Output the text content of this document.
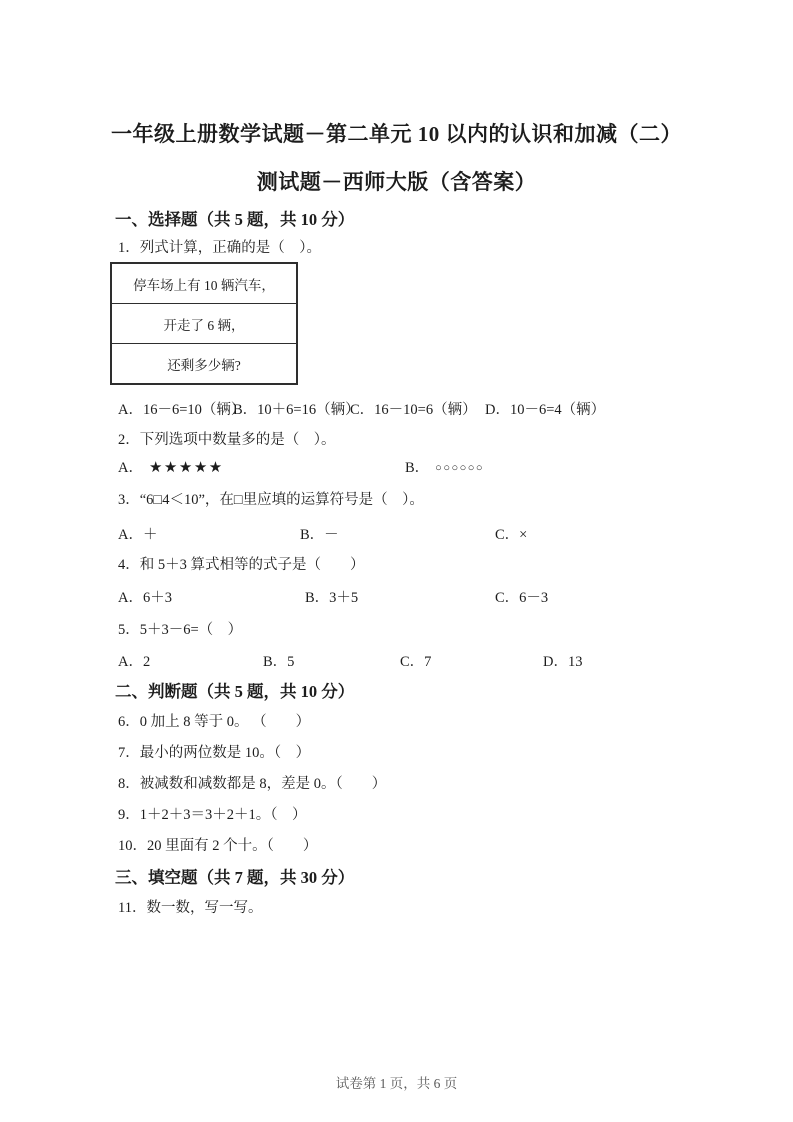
一年级上册数学试题－第二单元 10 以内的认识和加减（二）
测试题－西师大版（含答案）
一、选择题（共 5 题，共 10 分）
1．列式计算，正确的是（　）。
停车场上有 10 辆汽车，
开走了 6 辆，
还剩多少辆?
A．16－6=10（辆）
B．10＋6=16（辆）
C．16－10=6（辆） D．10－6=4（辆）
2．下列选项中数量多的是（　）。
A． ★★★★★	B． ○○○○○○
3．“6□4＜10”，在□里应填的运算符号是（　）。
A．＋	B．－	C．×
4．和 5＋3 算式相等的式子是（　　）
A．6＋3	B．3＋5	C．6－3
5．5＋3－6=（　）
A．2	B．5	C．7	D．13
二、判断题（共 5 题，共 10 分）
6．0 加上 8 等于 0。 （　　）
7．最小的两位数是 10。（　）
8．被减数和减数都是 8，差是 0。（　　）
9．1＋2＋3＝3＋2＋1。（　）
10．20 里面有 2 个十。（　　）
三、填空题（共 7 题，共 30 分）
11．数一数，写一写。
试卷第 1 页，共 6 页
